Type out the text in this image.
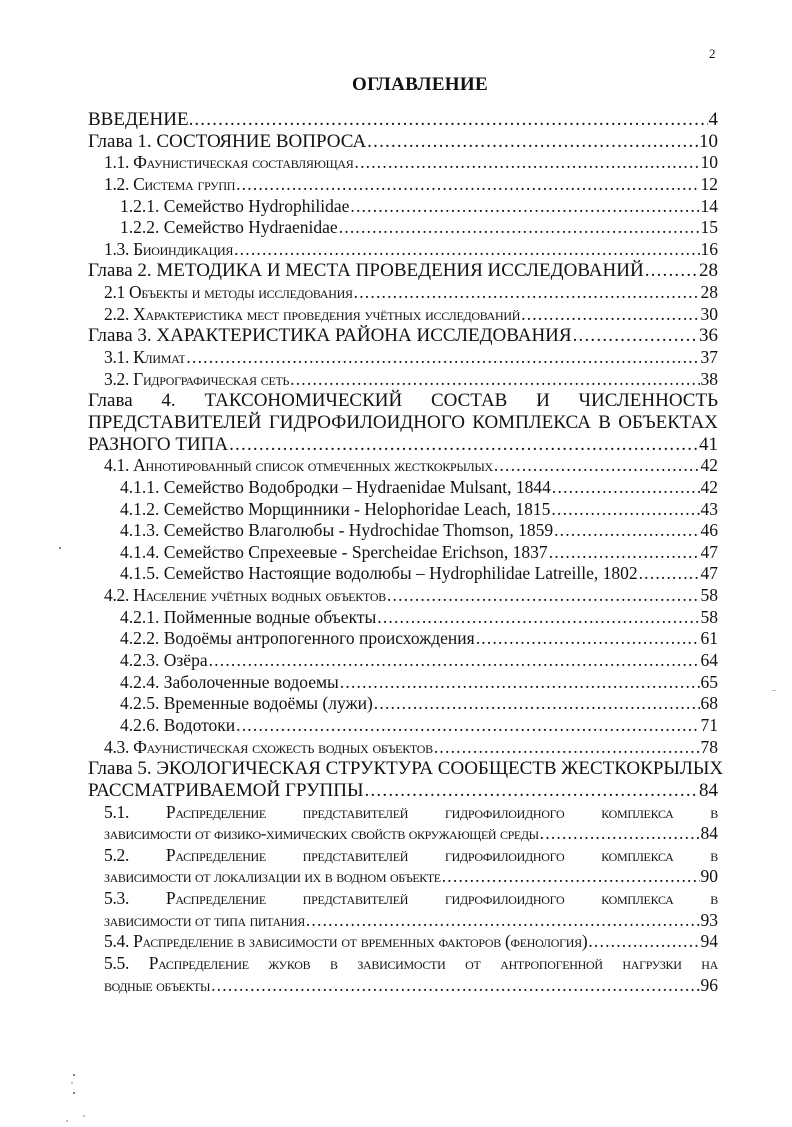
2
ОГЛАВЛЕНИЕ
ВВЕДЕНИЕ. .....	4
Глава 1. СОСТОЯНИЕ ВОПРОСА .....	10
1.1. Фаунистическая составляющая .....	10
1.2. Система групп .....	12
1.2.1. Семейство Hydrophilidae .....	14
1.2.2. Семейство Hydraenidae .....	15
1.3. Биоиндикация .....	16
Глава 2. МЕТОДИКА И МЕСТА ПРОВЕДЕНИЯ ИССЛЕДОВАНИЙ .....	28
2.1 Объекты и методы исследования .....	28
2.2. Характеристика мест проведения учётных исследований .....	30
Глава 3. ХАРАКТЕРИСТИКА РАЙОНА ИССЛЕДОВАНИЯ .....	36
3.1. Климат .....	37
3.2. Гидрографическая сеть .....	38
Глава 4. ТАКСОНОМИЧЕСКИЙ СОСТАВ И ЧИСЛЕННОСТЬ
ПРЕДСТАВИТЕЛЕЙ ГИДРОФИЛОИДНОГО КОМПЛЕКСА В ОБЪЕКТАХ
РАЗНОГО ТИПА .....	41
4.1. Аннотированный список отмеченных жесткокрылых .....	42
4.1.1. Семейство Водобродки – Hydraenidae Mulsant, 1844 .....	42
4.1.2. Семейство Морщинники - Helophoridae Leach, 1815 .....	43
4.1.3. Семейство Влаголюбы - Hydrochidae Thomson, 1859 .....	46
4.1.4. Семейство Спрехеевые - Spercheidae Erichson, 1837 .....	47
4.1.5. Семейство Настоящие водолюбы – Hydrophilidae Latreille, 1802 .....	47
4.2. Население учётных водных объектов .....	58
4.2.1. Пойменные водные объекты .....	58
4.2.2. Водоёмы антропогенного происхождения .....	61
4.2.3. Озёра .....	64
4.2.4. Заболоченные водоемы .....	65
4.2.5. Временные водоёмы (лужи) .....	68
4.2.6. Водотоки .....	71
4.3. Фаунистическая схожесть водных объектов .....	78
Глава 5. ЭКОЛОГИЧЕСКАЯ СТРУКТУРА СООБЩЕСТВ ЖЕСТКОКРЫЛЫХ
РАССМАТРИВАЕМОЙ ГРУППЫ .....	84
5.1. Распределение представителей гидрофилоидного комплекса в
зависимости от физико-химических свойств окружающей среды .....	84
5.2. Распределение представителей гидрофилоидного комплекса в
зависимости от локализации их в водном объекте .....	90
5.3. Распределение представителей гидрофилоидного комплекса в
зависимости от типа питания .....	93
5.4. Распределение в зависимости от временных факторов (фенология) .....	94
5.5. Распределение жуков в зависимости от антропогенной нагрузки на
водные объекты .....	96
